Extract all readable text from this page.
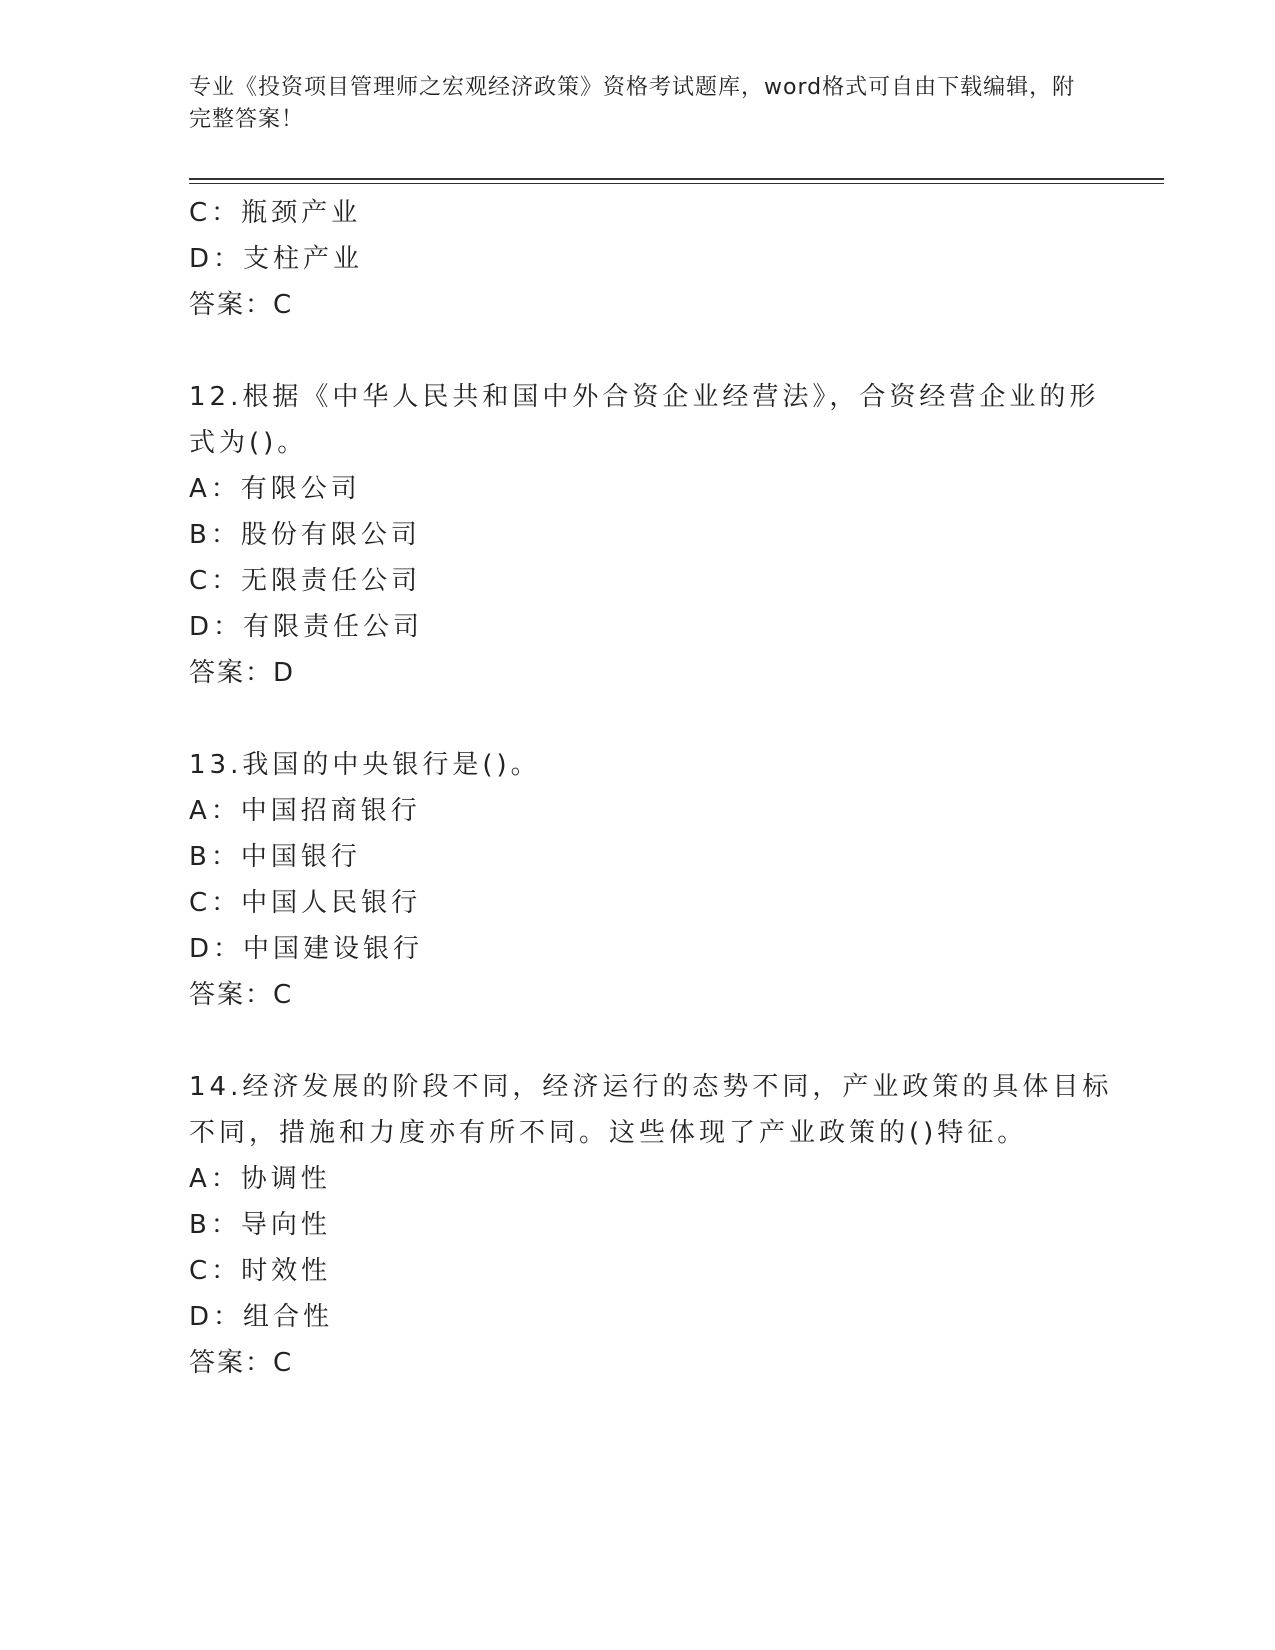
专业《投资项目管理师之宏观经济政策》资格考试题库，word格式可自由下载编辑，附完整答案！
C：瓶颈产业
D：支柱产业
答案：C
12.根据《中华人民共和国中外合资企业经营法》，合资经营企业的形
式为()。
A：有限公司
B：股份有限公司
C：无限责任公司
D：有限责任公司
答案：D
13.我国的中央银行是()。
A：中国招商银行
B：中国银行
C：中国人民银行
D：中国建设银行
答案：C
14.经济发展的阶段不同，经济运行的态势不同，产业政策的具体目标
不同，措施和力度亦有所不同。这些体现了产业政策的()特征。
A：协调性
B：导向性
C：时效性
D：组合性
答案：C
